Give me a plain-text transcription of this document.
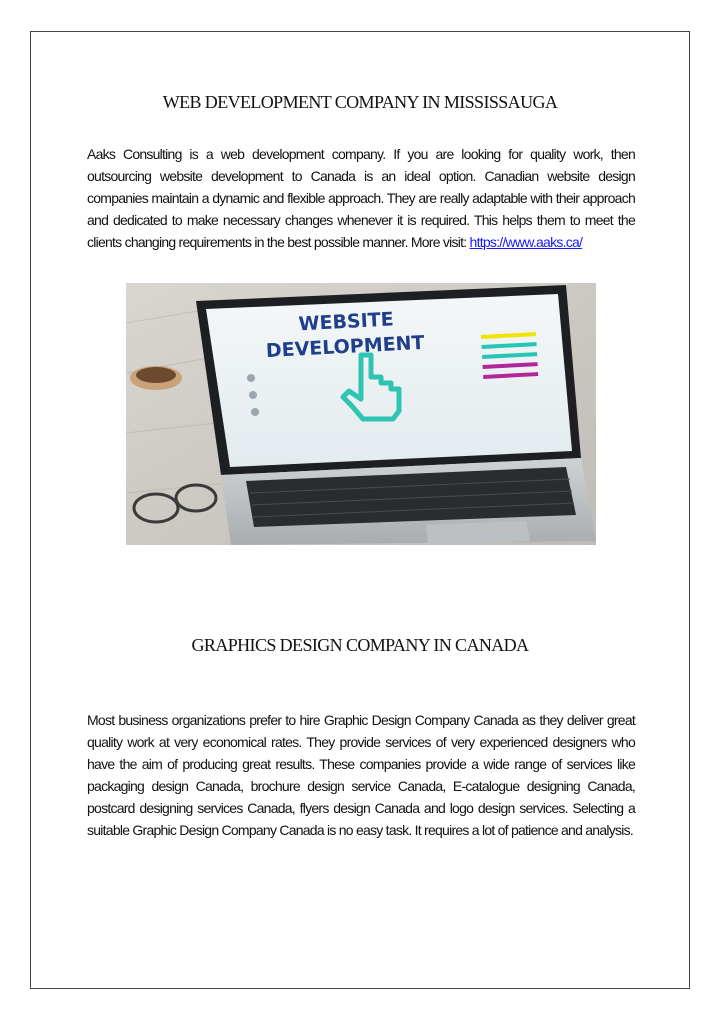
WEB DEVELOPMENT COMPANY IN MISSISSAUGA

Aaks Consulting is a web development company. If you are looking for quality work, then outsourcing website development to Canada is an ideal option. Canadian website design companies maintain a dynamic and flexible approach. They are really adaptable with their approach and dedicated to make necessary changes whenever it is required. This helps them to meet the clients changing requirements in the best possible manner. More visit: https://www.aaks.ca/

WEBSITE
DEVELOPMENT
GRAPHICS DESIGN COMPANY IN CANADA

Most business organizations prefer to hire Graphic Design Company Canada as they deliver great quality work at very economical rates. They provide services of very experienced designers who have the aim of producing great results. These companies provide a wide range of services like packaging design Canada, brochure design service Canada, E-catalogue designing Canada, postcard designing services Canada, flyers design Canada and logo design services. Selecting a suitable Graphic Design Company Canada is no easy task. It requires a lot of patience and analysis.
